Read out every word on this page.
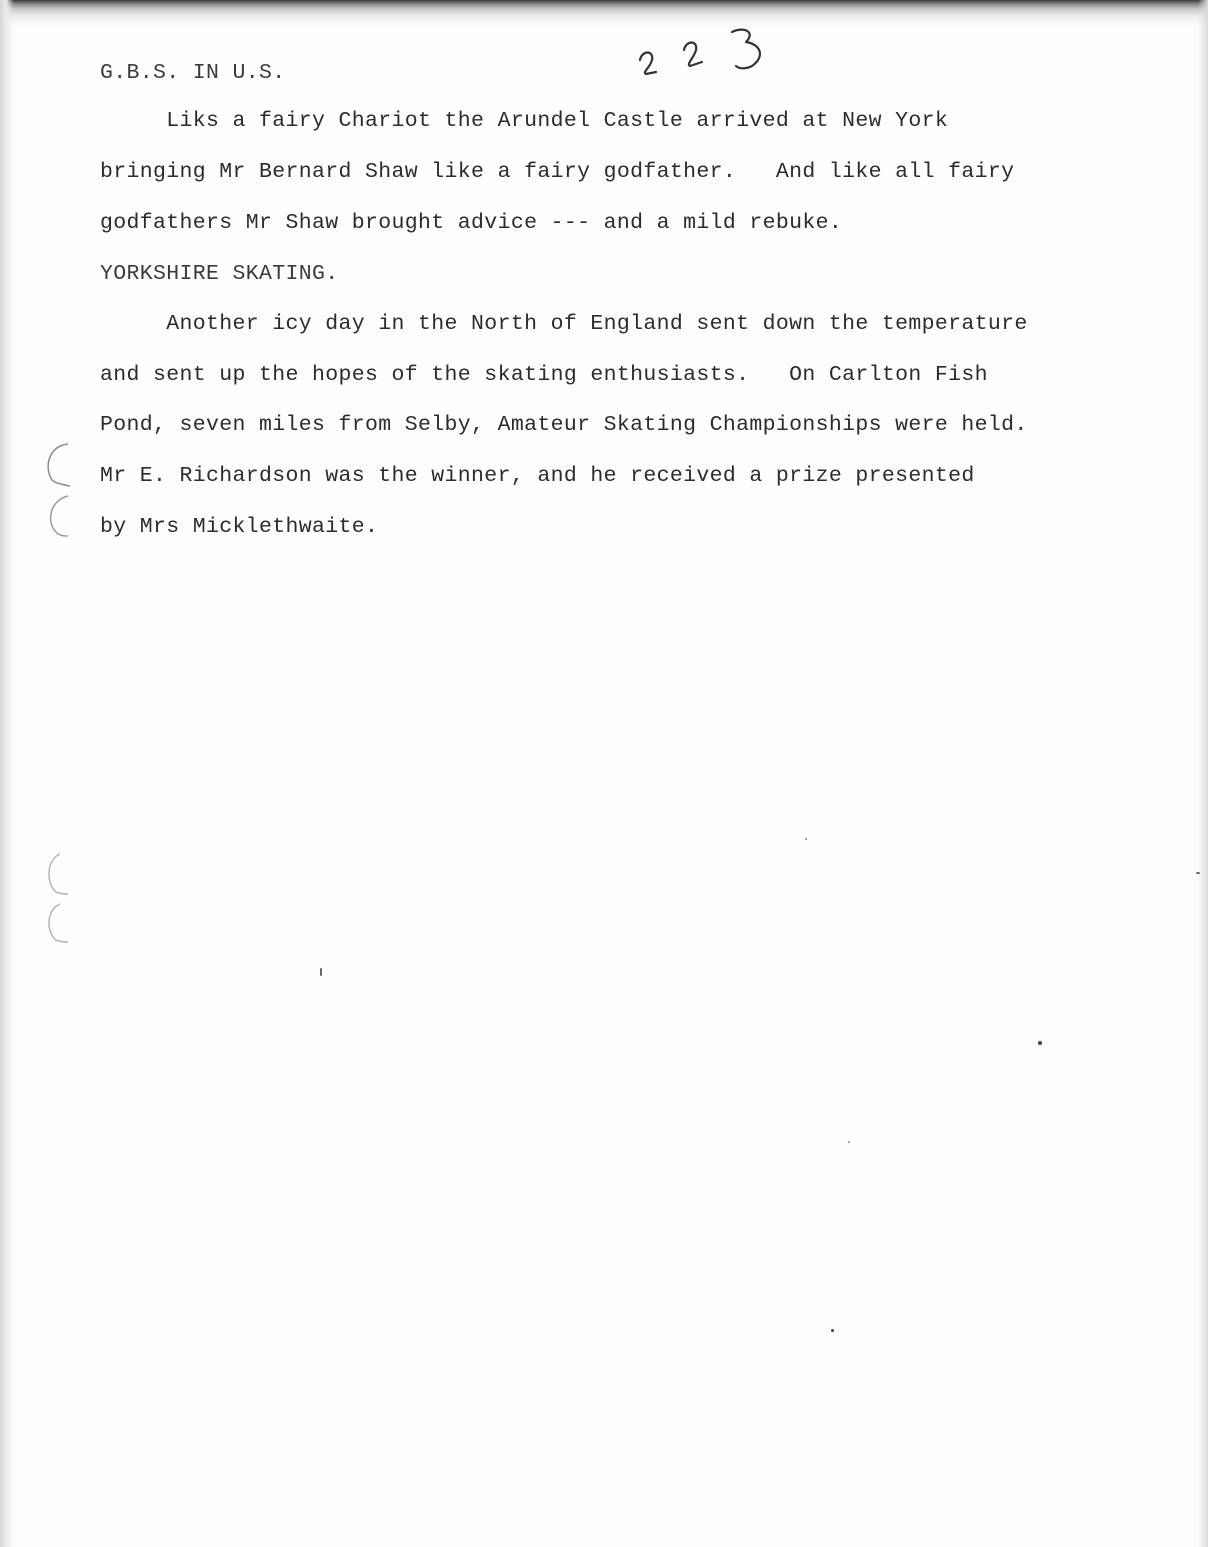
G.B.S. IN U.S.
Liks a fairy Chariot the Arundel Castle arrived at New York
bringing Mr Bernard Shaw like a fairy godfather.   And like all fairy
godfathers Mr Shaw brought advice --- and a mild rebuke.
YORKSHIRE SKATING.
Another icy day in the North of England sent down the temperature
and sent up the hopes of the skating enthusiasts.   On Carlton Fish
Pond, seven miles from Selby, Amateur Skating Championships were held.
Mr E. Richardson was the winner, and he received a prize presented
by Mrs Micklethwaite.
